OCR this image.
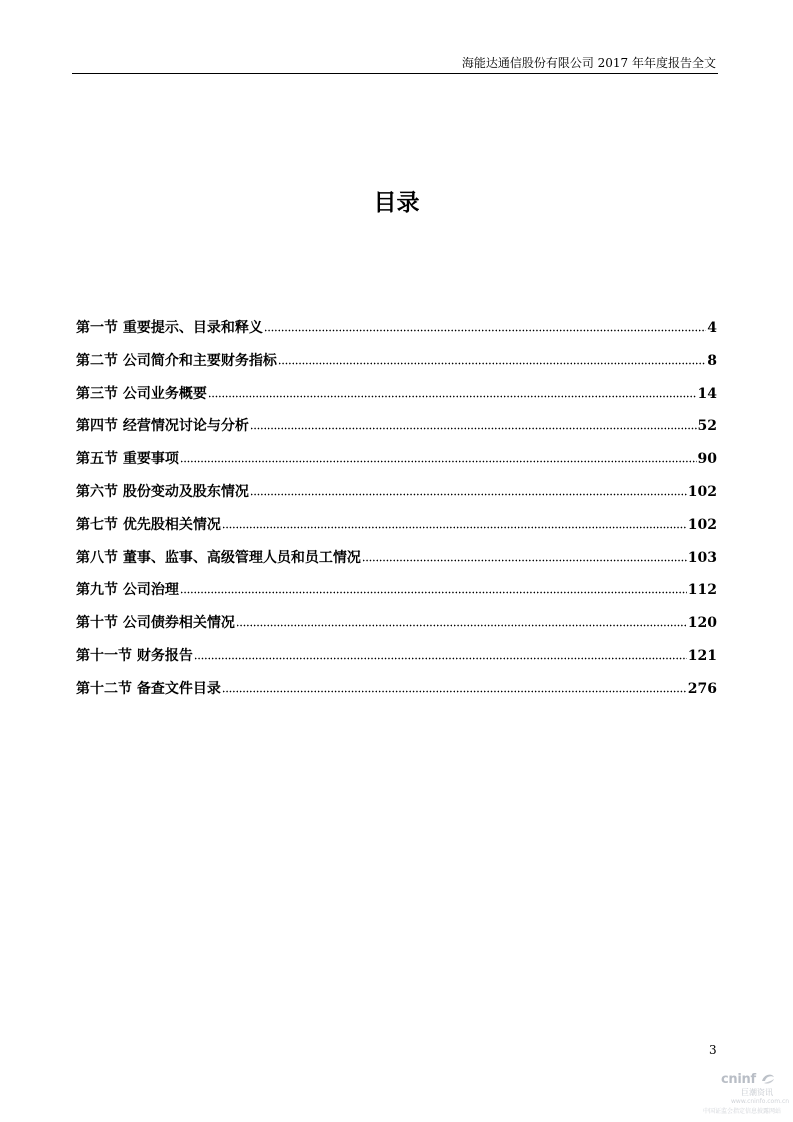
海能达通信股份有限公司 2017 年年度报告全文
目录
第一节 重要提示、目录和释义	4
第二节 公司简介和主要财务指标	8
第三节 公司业务概要	14
第四节 经营情况讨论与分析	52
第五节 重要事项	90
第六节 股份变动及股东情况	102
第七节 优先股相关情况	102
第八节 董事、监事、高级管理人员和员工情况	103
第九节 公司治理	112
第十节 公司债券相关情况	120
第十一节 财务报告	121
第十二节 备查文件目录	276
3
cninf
巨潮资讯
www.cninfo.com.cn
中国证监会指定信息披露网站
